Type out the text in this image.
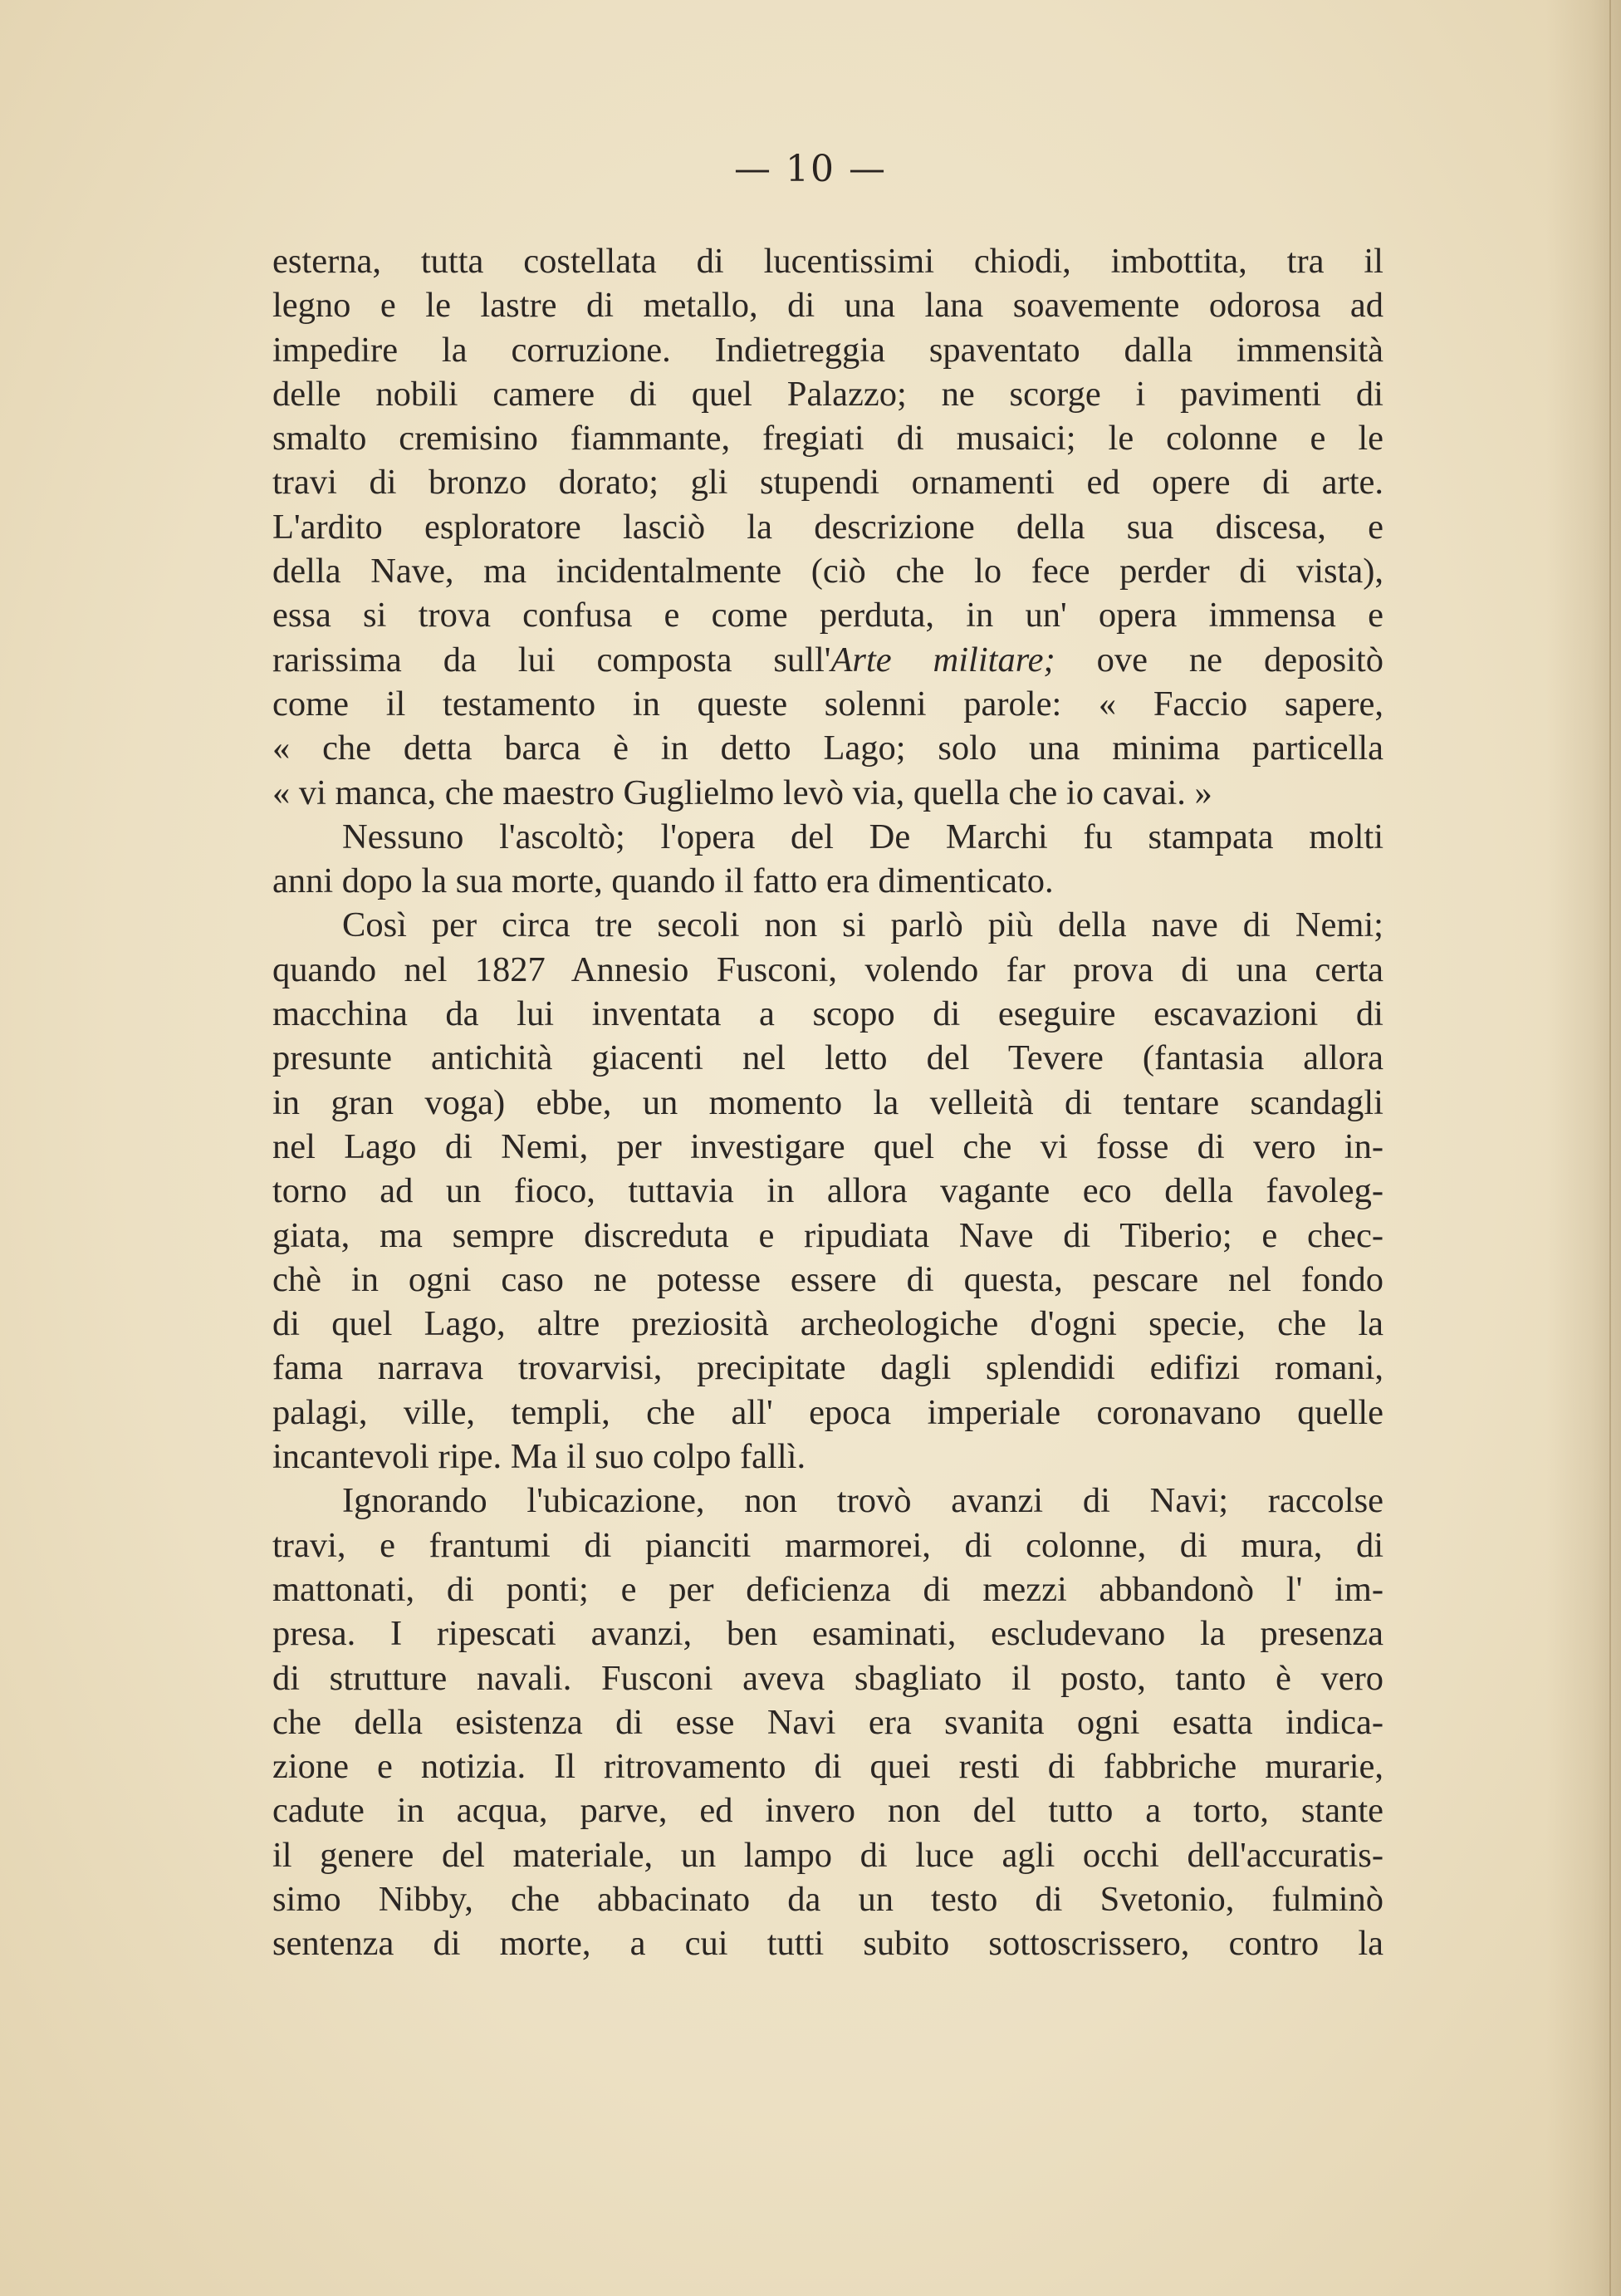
— 10 —

esterna, tutta costellata di lucentissimi chiodi, imbottita, tra il

legno e le lastre di metallo, di una lana soavemente odorosa ad

impedire la corruzione. Indietreggia spaventato dalla immensità

delle nobili camere di quel Palazzo; ne scorge i pavimenti di

smalto cremisino fiammante, fregiati di musaici; le colonne e le

travi di bronzo dorato; gli stupendi ornamenti ed opere di arte.

L'ardito esploratore lasciò la descrizione della sua discesa, e

della Nave, ma incidentalmente (ciò che lo fece perder di vista),

essa si trova confusa e come perduta, in un' opera immensa e

rarissima da lui composta sull'Arte militare; ove ne depositò

come il testamento in queste solenni parole: « Faccio sapere,

« che detta barca è in detto Lago; solo una minima particella

« vi manca, che maestro Guglielmo levò via, quella che io cavai. »

Nessuno l'ascoltò; l'opera del De Marchi fu stampata molti

anni dopo la sua morte, quando il fatto era dimenticato.

Così per circa tre secoli non si parlò più della nave di Nemi;

quando nel 1827 Annesio Fusconi, volendo far prova di una certa

macchina da lui inventata a scopo di eseguire escavazioni di

presunte antichità giacenti nel letto del Tevere (fantasia allora

in gran voga) ebbe, un momento la velleità di tentare scandagli

nel Lago di Nemi, per investigare quel che vi fosse di vero in-

torno ad un fioco, tuttavia in allora vagante eco della favoleg-

giata, ma sempre discreduta e ripudiata Nave di Tiberio; e chec-

chè in ogni caso ne potesse essere di questa, pescare nel fondo

di quel Lago, altre preziosità archeologiche d'ogni specie, che la

fama narrava trovarvisi, precipitate dagli splendidi edifizi romani,

palagi, ville, templi, che all' epoca imperiale coronavano quelle

incantevoli ripe. Ma il suo colpo fallì.

Ignorando l'ubicazione, non trovò avanzi di Navi; raccolse

travi, e frantumi di pianciti marmorei, di colonne, di mura, di

mattonati, di ponti; e per deficienza di mezzi abbandonò l' im-

presa. I ripescati avanzi, ben esaminati, escludevano la presenza

di strutture navali. Fusconi aveva sbagliato il posto, tanto è vero

che della esistenza di esse Navi era svanita ogni esatta indica-

zione e notizia. Il ritrovamento di quei resti di fabbriche murarie,

cadute in acqua, parve, ed invero non del tutto a torto, stante

il genere del materiale, un lampo di luce agli occhi dell'accuratis-

simo Nibby, che abbacinato da un testo di Svetonio, fulminò

sentenza di morte, a cui tutti subito sottoscrissero, contro la
